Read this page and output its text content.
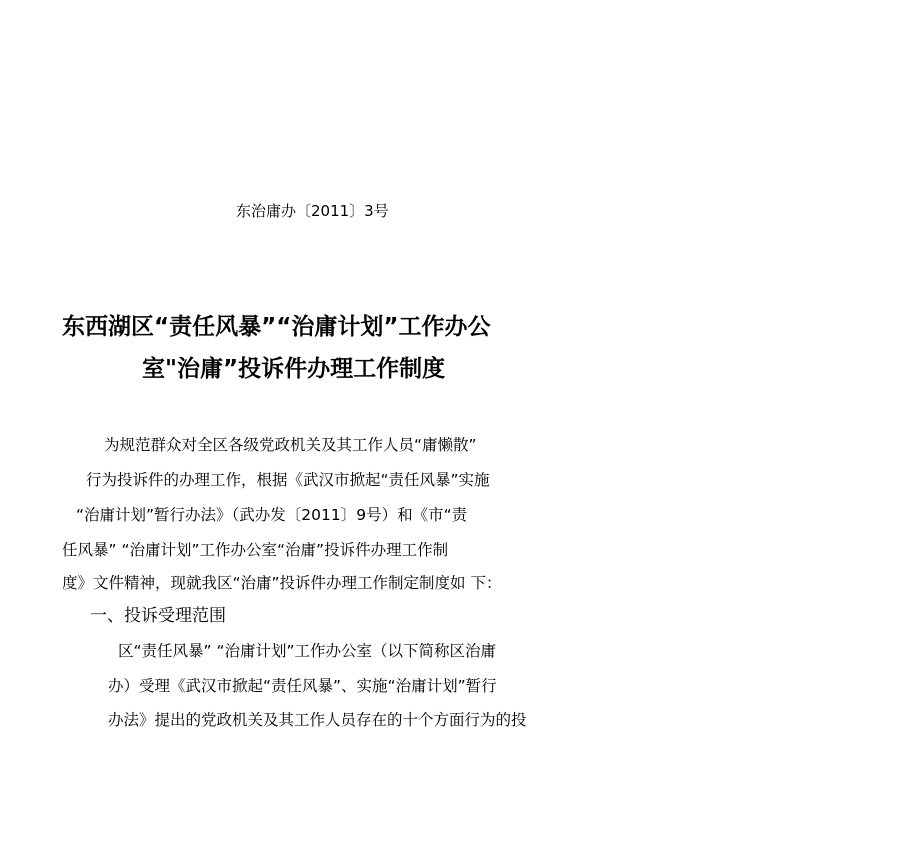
东治庸办〔2011〕3号

东西湖区“责任风暴”“治庸计划”工作办公

室"治庸”投诉件办理工作制度

为规范群众对全区各级党政机关及其工作人员“庸懒散”

行为投诉件的办理工作，根据《武汉市掀起“责任风暴”实施

“治庸计划”暂行办法》（武办发〔2011〕9号）和《市“责

任风暴” “治庸计划”工作办公室“治庸”投诉件办理工作制

度》文件精神，现就我区“治庸”投诉件办理工作制定制度如 下：

一、投诉受理范围

区“责任风暴” “治庸计划”工作办公室（以下简称区治庸

办）受理《武汉市掀起“责任风暴”、实施“治庸计划”暂行

办法》提出的党政机关及其工作人员存在的十个方面行为的投
